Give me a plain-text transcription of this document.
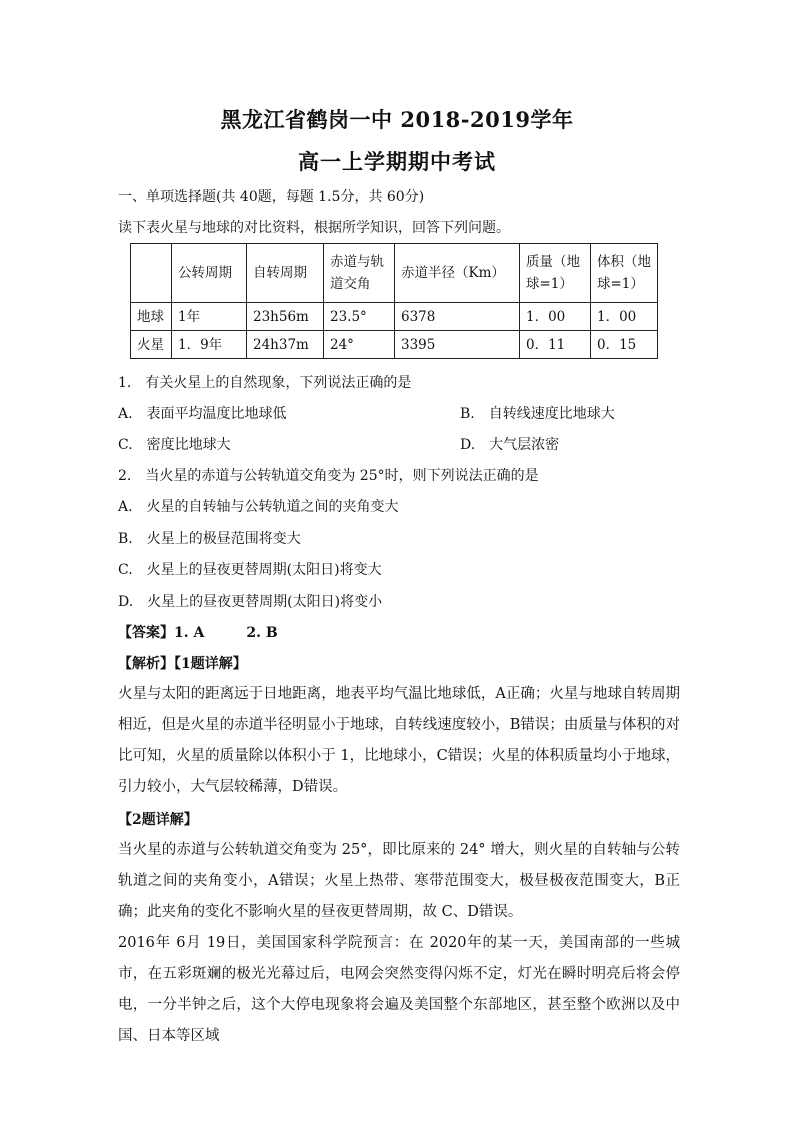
黑龙江省鹤岗一中 2018-2019学年
高一上学期期中考试
一、单项选择题(共 40题，每题 1.5分，共 60分)
读下表火星与地球的对比资料，根据所学知识，回答下列问题。
	公转周期	自转周期	赤道与轨道交角	赤道半径（Km）	质量（地球=1）	体积（地球=1）
地球	1年	23h56m	23.5°	6378	1．00	1．00
火星	1．9年	24h37m	24°	3395	0．11	0．15
1.　有关火星上的自然现象，下列说法正确的是
A.　表面平均温度比地球低	B.　自转线速度比地球大
C.　密度比地球大	D.　大气层浓密
2.　当火星的赤道与公转轨道交角变为 25°时，则下列说法正确的是
A.　火星的自转轴与公转轨道之间的夹角变大
B.　火星上的极昼范围将变大
C.　火星上的昼夜更替周期(太阳日)将变大
D.　火星上的昼夜更替周期(太阳日)将变小
【答案】1. A　　　2. B
【解析】【1题详解】
火星与太阳的距离远于日地距离，地表平均气温比地球低，A正确；火星与地球自转周期相近，但是火星的赤道半径明显小于地球，自转线速度较小，B错误；由质量与体积的对比可知，火星的质量除以体积小于 1，比地球小，C错误；火星的体积质量均小于地球，引力较小，大气层较稀薄，D错误。
【2题详解】
当火星的赤道与公转轨道交角变为 25°，即比原来的 24° 增大，则火星的自转轴与公转轨道之间的夹角变小，A错误；火星上热带、寒带范围变大，极昼极夜范围变大，B正确；此夹角的变化不影响火星的昼夜更替周期，故 C、D错误。
2016年 6月 19日，美国国家科学院预言：在 2020年的某一天，美国南部的一些城市，在五彩斑斓的极光光幕过后，电网会突然变得闪烁不定，灯光在瞬时明亮后将会停电，一分半钟之后，这个大停电现象将会遍及美国整个东部地区，甚至整个欧洲以及中国、日本等区域
